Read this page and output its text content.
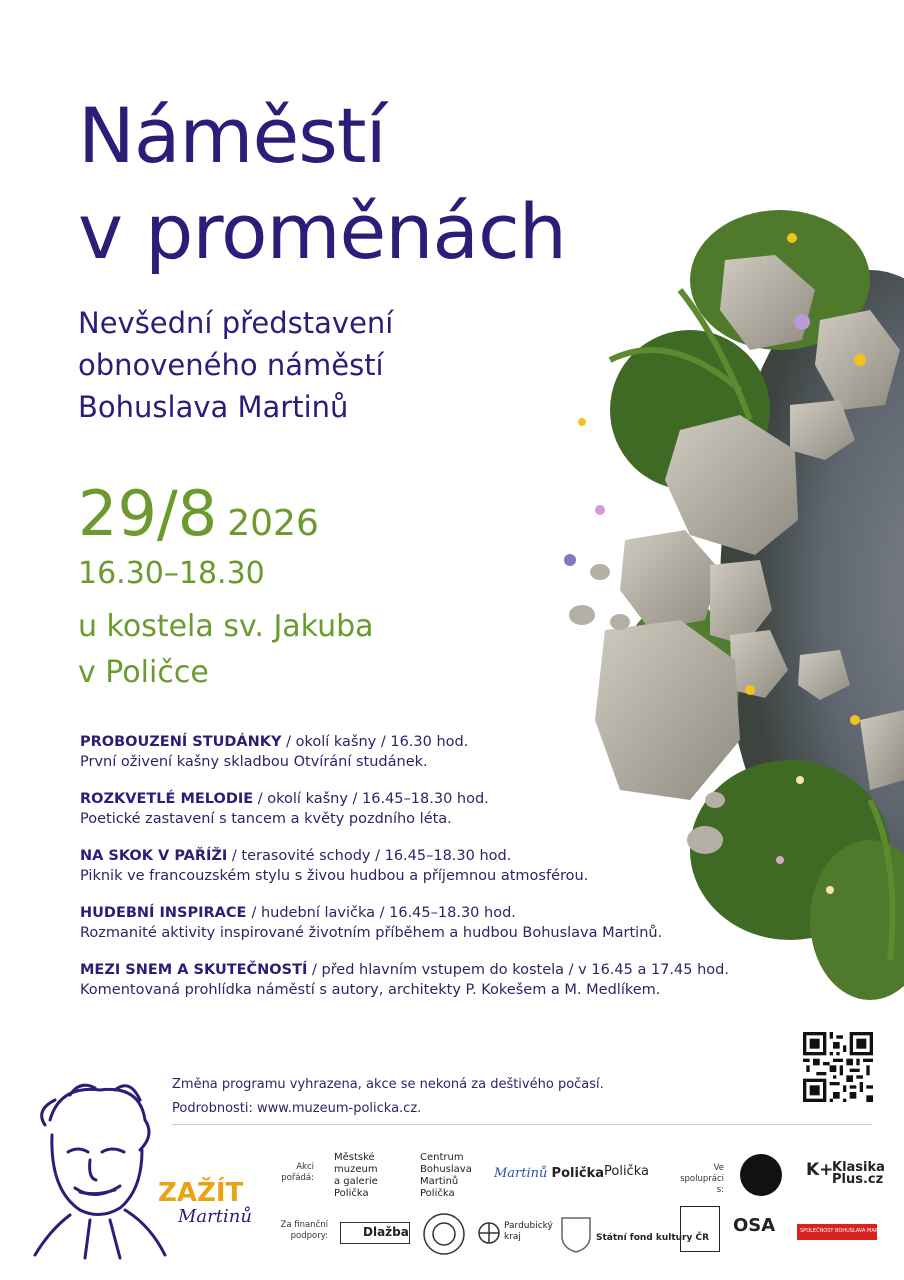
Náměstí
v proměnách
Nevšední představení
obnoveného náměstí
Bohuslava Martinů
29/8 2026
16.30–18.30
u kostela sv. Jakuba
v Poličce
PROBOUZENÍ STUDÁNKY / okolí kašny / 16.30 hod.
První oživení kašny skladbou Otvírání studánek.
ROZKVETLÉ MELODIE / okolí kašny / 16.45–18.30 hod.
Poetické zastavení s tancem a květy pozdního léta.
NA SKOK V PAŘÍŽI / terasovité schody / 16.45–18.30 hod.
Piknik ve francouzském stylu s živou hudbou a příjemnou atmosférou.
HUDEBNÍ INSPIRACE / hudební lavička / 16.45–18.30 hod.
Rozmanité aktivity inspirované životním příběhem a hudbou Bohuslava Martinů.
MEZI SNEM A SKUTEČNOSTÍ / před hlavním vstupem do kostela / v 16.45 a 17.45 hod.
Komentovaná prohlídka náměstí s autory, architekty P. Kokešem a M. Medlíkem.
Změna programu vyhrazena, akce se nekoná za deštivého počasí.
Podrobnosti: www.muzeum-policka.cz.
ZAŽÍT
Martinů
Akci
pořádá:
Městské
muzeum
a galerie
Polička
Centrum
Bohuslava
Martinů
Polička
Martinů Polička Polička	Ve
spolupráci s:
K+
Klasika
Plus.cz
Za finanční
podpory:	Dlažba	Pardubický
kraj	Státní fond kultury ČR
OSA	SPOLEČNOST BOHUSLAVA MARTINŮ
